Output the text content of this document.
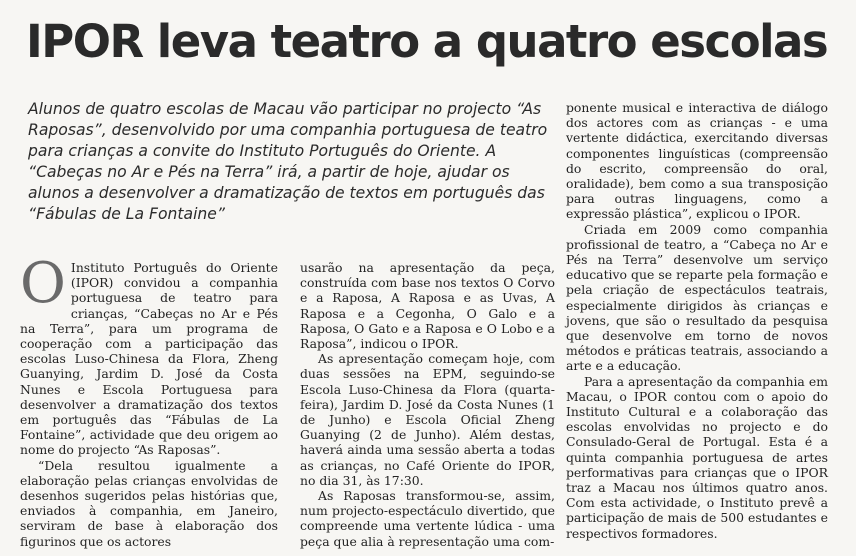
IPOR leva teatro a quatro escolas

Alunos de quatro escolas de Macau vão participar no projecto “As Raposas”, desenvolvido por uma companhia portuguesa de teatro para crianças a convite do Instituto Português do Oriente. A “Cabeças no Ar e Pés na Terra” irá, a partir de hoje, ajudar os alunos a desenvolver a dramatização de textos em português das “Fábulas de La Fontaine”

O Instituto Português do Oriente (IPOR) convidou a companhia portuguesa de teatro para crianças, “Cabeças no Ar e Pés na Terra”, para um programa de cooperação com a participação das escolas Luso-Chinesa da Flora, Zheng Guanying, Jardim D. José da Costa Nunes e Escola Portuguesa para desenvolver a dramatização dos textos em português das “Fábulas de La Fontaine”, actividade que deu origem ao nome do projecto “As Raposas”.

“Dela resultou igualmente a elaboração pelas crianças envolvidas de desenhos sugeridos pelas histórias que, enviados à companhia, em Janeiro, serviram de base à elaboração dos figurinos que os actores

usarão na apresentação da peça, construída com base nos textos O Corvo e a Raposa, A Raposa e as Uvas, A Raposa e a Cegonha, O Galo e a Raposa, O Gato e a Raposa e O Lobo e a Raposa”, indicou o IPOR.

As apresentação começam hoje, com duas sessões na EPM, seguindo-se Escola Luso-Chinesa da Flora (quarta-feira), Jardim D. José da Costa Nunes (1 de Junho) e Escola Oficial Zheng Guanying (2 de Junho). Além destas, haverá ainda uma sessão aberta a todas as crianças, no Café Oriente do IPOR, no dia 31, às 17:30.

As Raposas transformou-se, assim, num projecto-espectáculo divertido, que compreende uma vertente lúdica - uma peça que alia à representação uma com-

ponente musical e interactiva de diálogo dos actores com as crianças - e uma vertente didáctica, exercitando diversas componentes linguísticas (compreensão do escrito, compreensão do oral, oralidade), bem como a sua transposição para outras linguagens, como a expressão plástica”, explicou o IPOR.

Criada em 2009 como companhia profissional de teatro, a “Cabeça no Ar e Pés na Terra” desenvolve um serviço educativo que se reparte pela formação e pela criação de espectáculos teatrais, especialmente dirigidos às crianças e jovens, que são o resultado da pesquisa que desenvolve em torno de novos métodos e práticas teatrais, associando a arte e a educação.

Para a apresentação da companhia em Macau, o IPOR contou com o apoio do Instituto Cultural e a colaboração das escolas envolvidas no projecto e do Consulado-Geral de Portugal. Esta é a quinta companhia portuguesa de artes performativas para crianças que o IPOR traz a Macau nos últimos quatro anos. Com esta actividade, o Instituto prevê a participação de mais de 500 estudantes e respectivos formadores.
